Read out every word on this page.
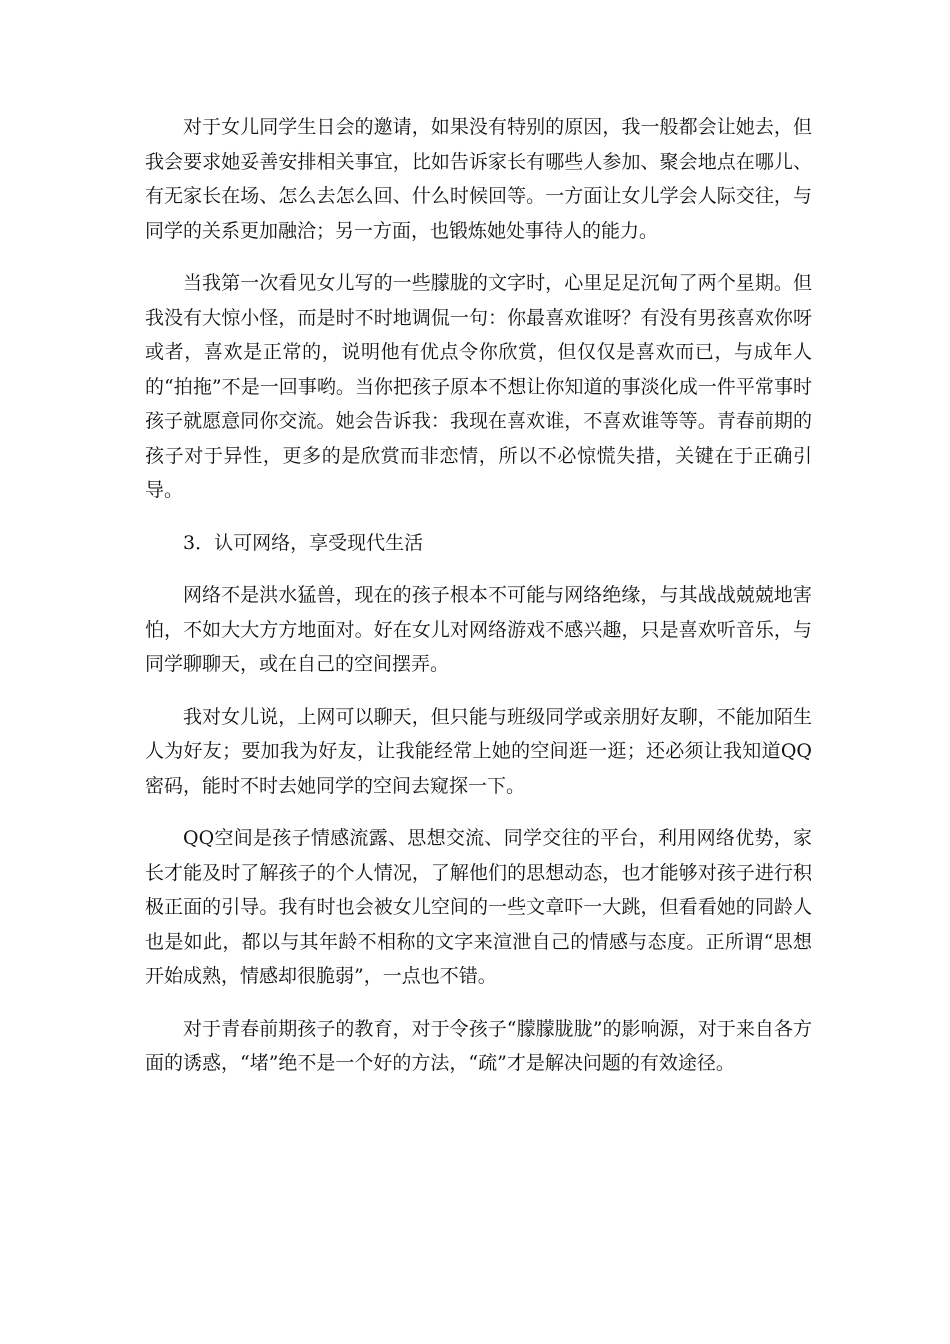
对于女儿同学生日会的邀请，如果没有特别的原因，我一般都会让她去，但我会要求她妥善安排相关事宜，比如告诉家长有哪些人参加、聚会地点在哪儿、有无家长在场、怎么去怎么回、什么时候回等。一方面让女儿学会人际交往，与同学的关系更加融洽；另一方面，也锻炼她处事待人的能力。

当我第一次看见女儿写的一些朦胧的文字时，心里足足沉甸了两个星期。但我没有大惊小怪，而是时不时地调侃一句：你最喜欢谁呀？有没有男孩喜欢你呀或者，喜欢是正常的，说明他有优点令你欣赏，但仅仅是喜欢而已，与成年人的“拍拖”不是一回事哟。当你把孩子原本不想让你知道的事淡化成一件平常事时孩子就愿意同你交流。她会告诉我：我现在喜欢谁，不喜欢谁等等。青春前期的孩子对于异性，更多的是欣赏而非恋情，所以不必惊慌失措，关键在于正确引导。

3．认可网络，享受现代生活

网络不是洪水猛兽，现在的孩子根本不可能与网络绝缘，与其战战兢兢地害怕，不如大大方方地面对。好在女儿对网络游戏不感兴趣，只是喜欢听音乐，与同学聊聊天，或在自己的空间摆弄。

我对女儿说，上网可以聊天，但只能与班级同学或亲朋好友聊，不能加陌生人为好友；要加我为好友，让我能经常上她的空间逛一逛；还必须让我知道QQ密码，能时不时去她同学的空间去窥探一下。

QQ空间是孩子情感流露、思想交流、同学交往的平台，利用网络优势，家长才能及时了解孩子的个人情况，了解他们的思想动态，也才能够对孩子进行积极正面的引导。我有时也会被女儿空间的一些文章吓一大跳，但看看她的同龄人也是如此，都以与其年龄不相称的文字来渲泄自己的情感与态度。正所谓“思想开始成熟，情感却很脆弱”，一点也不错。

对于青春前期孩子的教育，对于令孩子“朦朦胧胧”的影响源，对于来自各方面的诱惑，“堵”绝不是一个好的方法，“疏”才是解决问题的有效途径。
